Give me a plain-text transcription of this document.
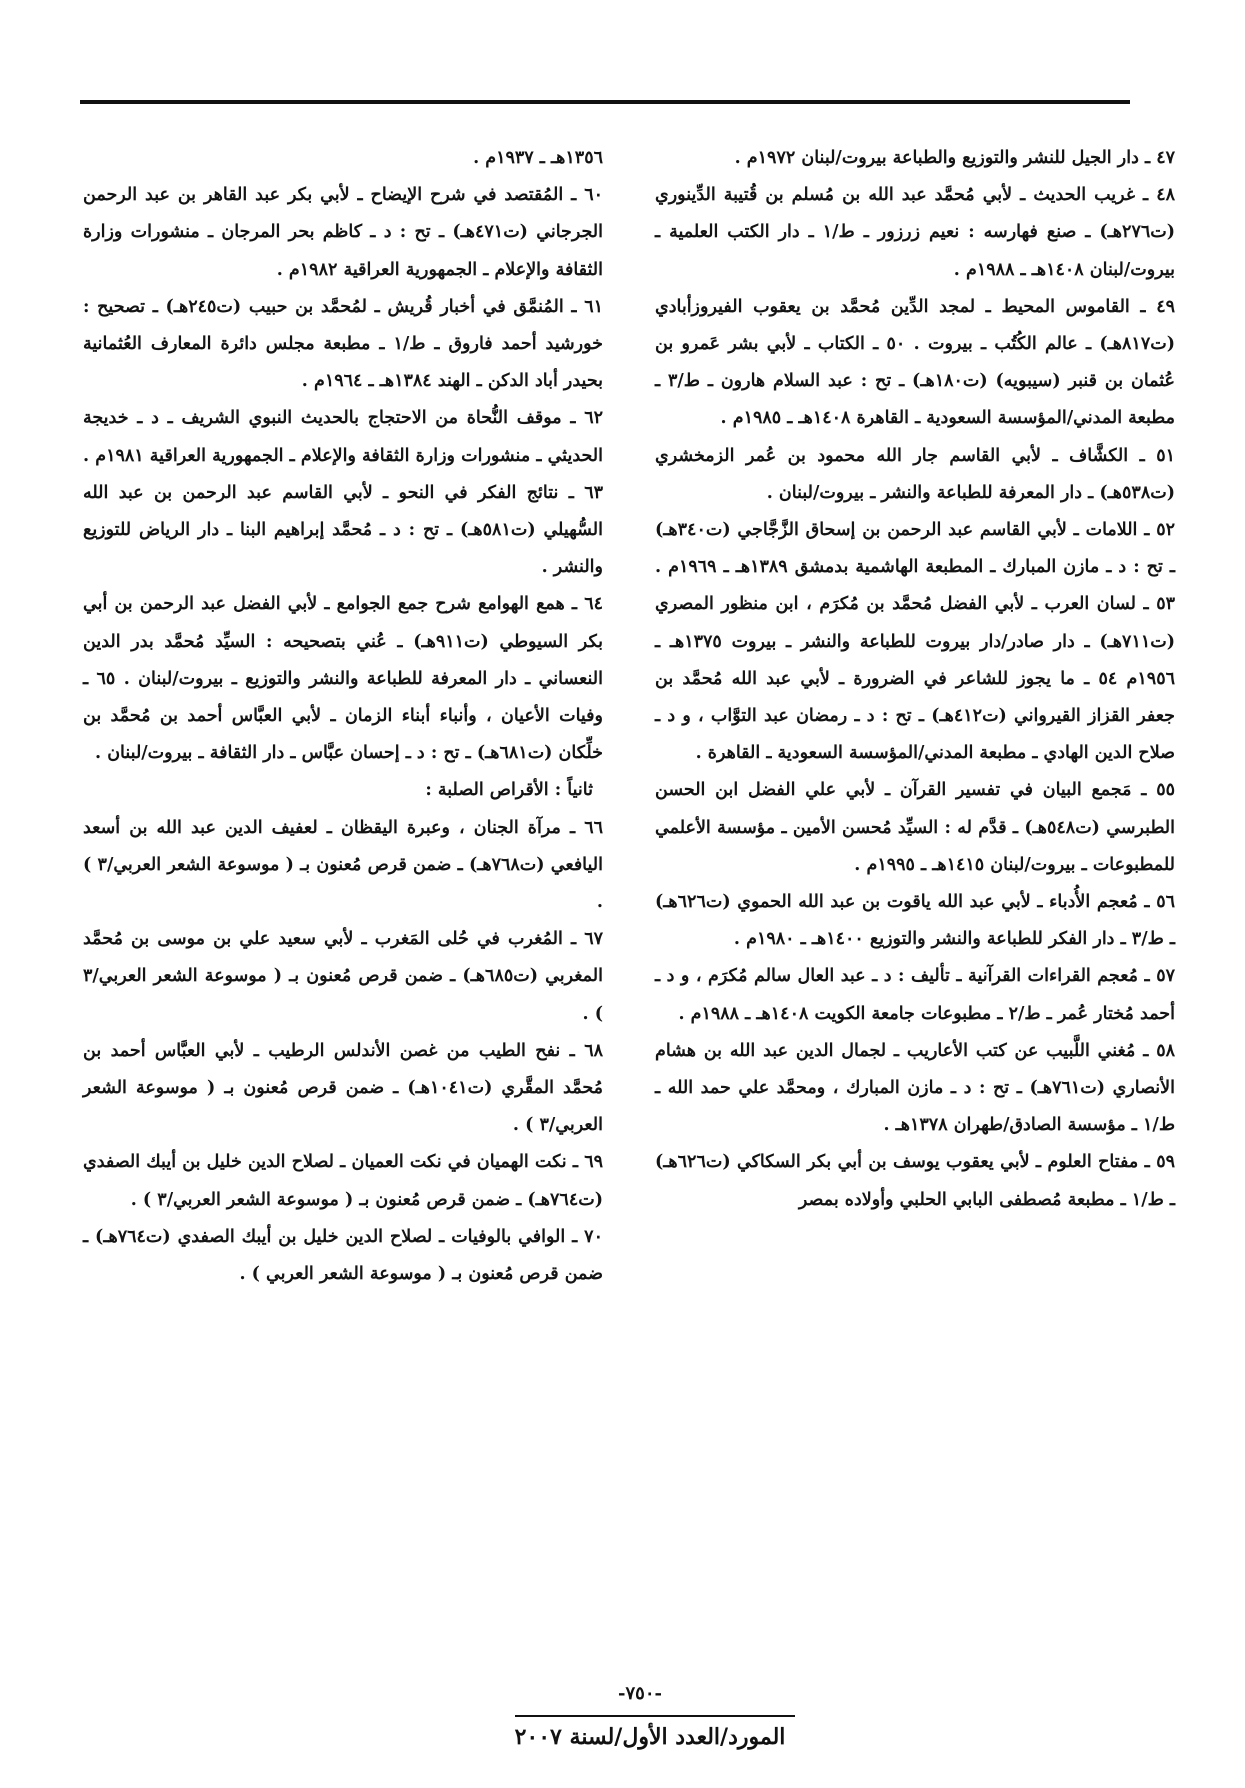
٤٧ ـ دار الجيل للنشر والتوزيع والطباعة بيروت/لبنان ١٩٧٢م .

٤٨ ـ غريب الحديث ـ لأبي مُحمَّد عبد الله بن مُسلم بن قُتيبة الدِّينوري (ت٢٧٦هـ) ـ صنع فهارسه : نعيم زرزور ـ ط/١ ـ دار الكتب العلمية ـ بيروت/لبنان ١٤٠٨هـ ـ ١٩٨٨م .

٤٩ ـ القاموس المحيط ـ لمجد الدِّين مُحمَّد بن يعقوب الفيروزأبادي (ت٨١٧هـ) ـ عالم الكُتُب ـ بيروت . ٥٠ ـ الكتاب ـ لأبي بشر عَمرو بن عُثمان بن قنبر (سيبويه) (ت١٨٠هـ) ـ تح : عبد السلام هارون ـ ط/٣ ـ مطبعة المدني/المؤسسة السعودية ـ القاهرة ١٤٠٨هـ ـ ١٩٨٥م .

٥١ ـ الكشَّاف ـ لأبي القاسم جار الله محمود بن عُمر الزمخشري (ت٥٣٨هـ) ـ دار المعرفة للطباعة والنشر ـ بيروت/لبنان .

٥٢ ـ اللامات ـ لأبي القاسم عبد الرحمن بن إسحاق الزَّجَّاجي (ت٣٤٠هـ) ـ تح : د ـ مازن المبارك ـ المطبعة الهاشمية بدمشق ١٣٨٩هـ ـ ١٩٦٩م . ٥٣ ـ لسان العرب ـ لأبي الفضل مُحمَّد بن مُكرَم ، ابن منظور المصري (ت٧١١هـ) ـ دار صادر/دار بيروت للطباعة والنشر ـ بيروت ١٣٧٥هـ ـ ١٩٥٦م ٥٤ ـ ما يجوز للشاعر في الضرورة ـ لأبي عبد الله مُحمَّد بن جعفر القزاز القيرواني (ت٤١٢هـ) ـ تح : د ـ رمضان عبد التوَّاب ، و د ـ صلاح الدين الهادي ـ مطبعة المدني/المؤسسة السعودية ـ القاهرة .

٥٥ ـ مَجمع البيان في تفسير القرآن ـ لأبي علي الفضل ابن الحسن الطبرسي (ت٥٤٨هـ) ـ قدَّم له : السيِّد مُحسن الأمين ـ مؤسسة الأعلمي للمطبوعات ـ بيروت/لبنان ١٤١٥هـ ـ ١٩٩٥م .

٥٦ ـ مُعجم الأُدباء ـ لأبي عبد الله ياقوت بن عبد الله الحموي (ت٦٢٦هـ) ـ ط/٣ ـ دار الفكر للطباعة والنشر والتوزيع ١٤٠٠هـ ـ ١٩٨٠م .

٥٧ ـ مُعجم القراءات القرآنية ـ تأليف : د ـ عبد العال سالم مُكرَم ، و د ـ أحمد مُختار عُمر ـ ط/٢ ـ مطبوعات جامعة الكويت ١٤٠٨هـ ـ ١٩٨٨م .

٥٨ ـ مُغني اللَّبيب عن كتب الأعاريب ـ لجمال الدين عبد الله بن هشام الأنصاري (ت٧٦١هـ) ـ تح : د ـ مازن المبارك ، ومحمَّد علي حمد الله ـ ط/١ ـ مؤسسة الصادق/طهران ١٣٧٨هـ .

٥٩ ـ مفتاح العلوم ـ لأبي يعقوب يوسف بن أبي بكر السكاكي (ت٦٢٦هـ) ـ ط/١ ـ مطبعة مُصطفى البابي الحلبي وأولاده بمصر

١٣٥٦هـ ـ ١٩٣٧م .

٦٠ ـ المُقتصد في شرح الإيضاح ـ لأبي بكر عبد القاهر بن عبد الرحمن الجرجاني (ت٤٧١هـ) ـ تح : د ـ كاظم بحر المرجان ـ منشورات وزارة الثقافة والإعلام ـ الجمهورية العراقية ١٩٨٢م .

٦١ ـ المُنمَّق في أخبار قُريش ـ لمُحمَّد بن حبيب (ت٢٤٥هـ) ـ تصحيح : خورشيد أحمد فاروق ـ ط/١ ـ مطبعة مجلس دائرة المعارف العُثمانية بحيدر أباد الدكن ـ الهند ١٣٨٤هـ ـ ١٩٦٤م .

٦٢ ـ موقف النُّحاة من الاحتجاج بالحديث النبوي الشريف ـ د ـ خديجة الحديثي ـ منشورات وزارة الثقافة والإعلام ـ الجمهورية العراقية ١٩٨١م . ٦٣ ـ نتائج الفكر في النحو ـ لأبي القاسم عبد الرحمن بن عبد الله السُّهيلي (ت٥٨١هـ) ـ تح : د ـ مُحمَّد إبراهيم البنا ـ دار الرياض للتوزيع والنشر .

٦٤ ـ همع الهوامع شرح جمع الجوامع ـ لأبي الفضل عبد الرحمن بن أبي بكر السيوطي (ت٩١١هـ) ـ عُني بتصحيحه : السيِّد مُحمَّد بدر الدين النعساني ـ دار المعرفة للطباعة والنشر والتوزيع ـ بيروت/لبنان . ٦٥ ـ وفيات الأعيان ، وأنباء أبناء الزمان ـ لأبي العبَّاس أحمد بن مُحمَّد بن خلِّكان (ت٦٨١هـ) ـ تح : د ـ إحسان عبَّاس ـ دار الثقافة ـ بيروت/لبنان .

ثانياً : الأقراص الصلبة :

٦٦ ـ مرآة الجنان ، وعبرة اليقظان ـ لعفيف الدين عبد الله بن أسعد اليافعي (ت٧٦٨هـ) ـ ضمن قرص مُعنون بـ ( موسوعة الشعر العربي/٣ ) .

٦٧ ـ المُغرب في حُلى المَغرب ـ لأبي سعيد علي بن موسى بن مُحمَّد المغربي (ت٦٨٥هـ) ـ ضمن قرص مُعنون بـ ( موسوعة الشعر العربي/٣ ) .

٦٨ ـ نفح الطيب من غصن الأندلس الرطيب ـ لأبي العبَّاس أحمد بن مُحمَّد المقَّري (ت١٠٤١هـ) ـ ضمن قرص مُعنون بـ ( موسوعة الشعر العربي/٣ ) .

٦٩ ـ نكت الهميان في نكت العميان ـ لصلاح الدين خليل بن أيبك الصفدي (ت٧٦٤هـ) ـ ضمن قرص مُعنون بـ ( موسوعة الشعر العربي/٣ ) .

٧٠ ـ الوافي بالوفيات ـ لصلاح الدين خليل بن أيبك الصفدي (ت٧٦٤هـ) ـ ضمن قرص مُعنون بـ ( موسوعة الشعر العربي ) .

-٧٥٠-
المورد/العدد الأول/لسنة ٢٠٠٧
